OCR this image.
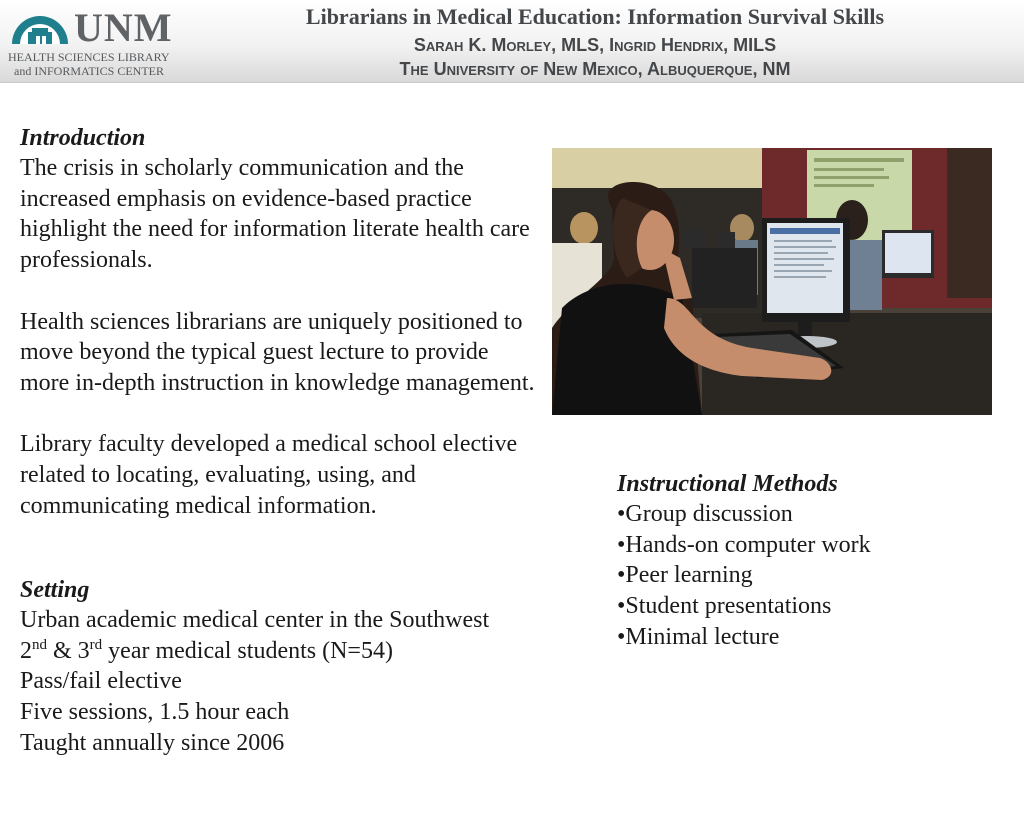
UNM
HEALTH SCIENCES LIBRARY
and INFORMATICS CENTER
Librarians in Medical Education: Information Survival Skills
Sarah K. Morley, MLS, Ingrid Hendrix, MILS
The University of New Mexico, Albuquerque, NM
Introduction
The crisis in scholarly communication and the increased emphasis on evidence-based practice highlight the need for information literate health care professionals.
Health sciences librarians are uniquely positioned to move beyond the typical guest lecture to provide more in-depth instruction in knowledge management.
Library faculty developed a medical school elective related to locating, evaluating, using, and communicating medical information.
Setting
Urban academic medical center in the Southwest
2nd & 3rd year medical students (N=54)
Pass/fail elective
Five sessions, 1.5 hour each
Taught annually since 2006
Instructional Methods
•Group discussion
•Hands-on computer work
•Peer learning
•Student presentations
•Minimal lecture
